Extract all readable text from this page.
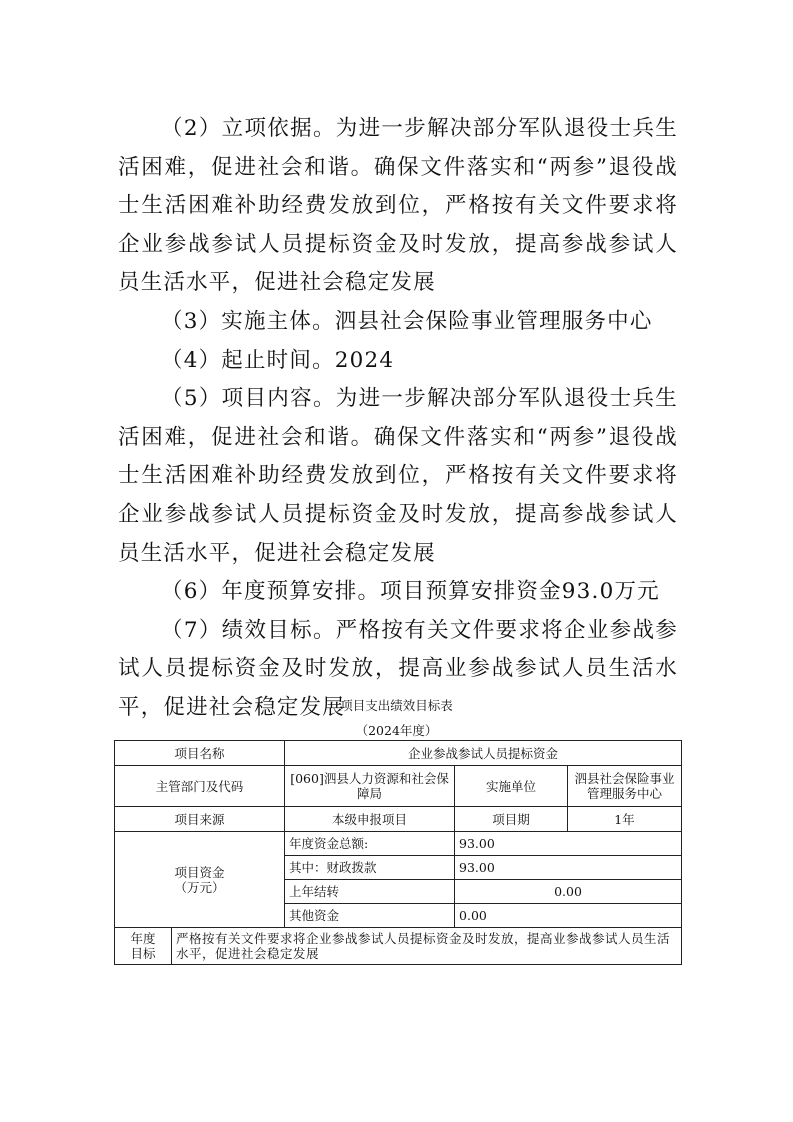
（2）立项依据。为进一步解决部分军队退役士兵生活困难，促进社会和谐。确保文件落实和“两参”退役战士生活困难补助经费发放到位，严格按有关文件要求将企业参战参试人员提标资金及时发放，提高参战参试人员生活水平，促进社会稳定发展

（3）实施主体。泗县社会保险事业管理服务中心

（4）起止时间。2024

（5）项目内容。为进一步解决部分军队退役士兵生活困难，促进社会和谐。确保文件落实和“两参”退役战士生活困难补助经费发放到位，严格按有关文件要求将企业参战参试人员提标资金及时发放，提高参战参试人员生活水平，促进社会稳定发展

（6）年度预算安排。项目预算安排资金93.0万元

（7）绩效目标。严格按有关文件要求将企业参战参试人员提标资金及时发放，提高业参战参试人员生活水平，促进社会稳定发展

项目支出绩效目标表
（2024年度）
项目名称		企业参战参试人员提标资金		
主管部门及代码		[060]泗县人力资源和社会保障局	实施单位	泗县社会保险事业管理服务中心
项目来源		本级申报项目	项目期	1年

项目资金
（万元）		年度资金总额:	93.00	
		其中：财政拨款	93.00	
		上年结转	0.00	
		其他资金	0.00	

年度
目标	严格按有关文件要求将企业参战参试人员提标资金及时发放，提高业参战参试人员生活水平，促进社会稳定发展			
